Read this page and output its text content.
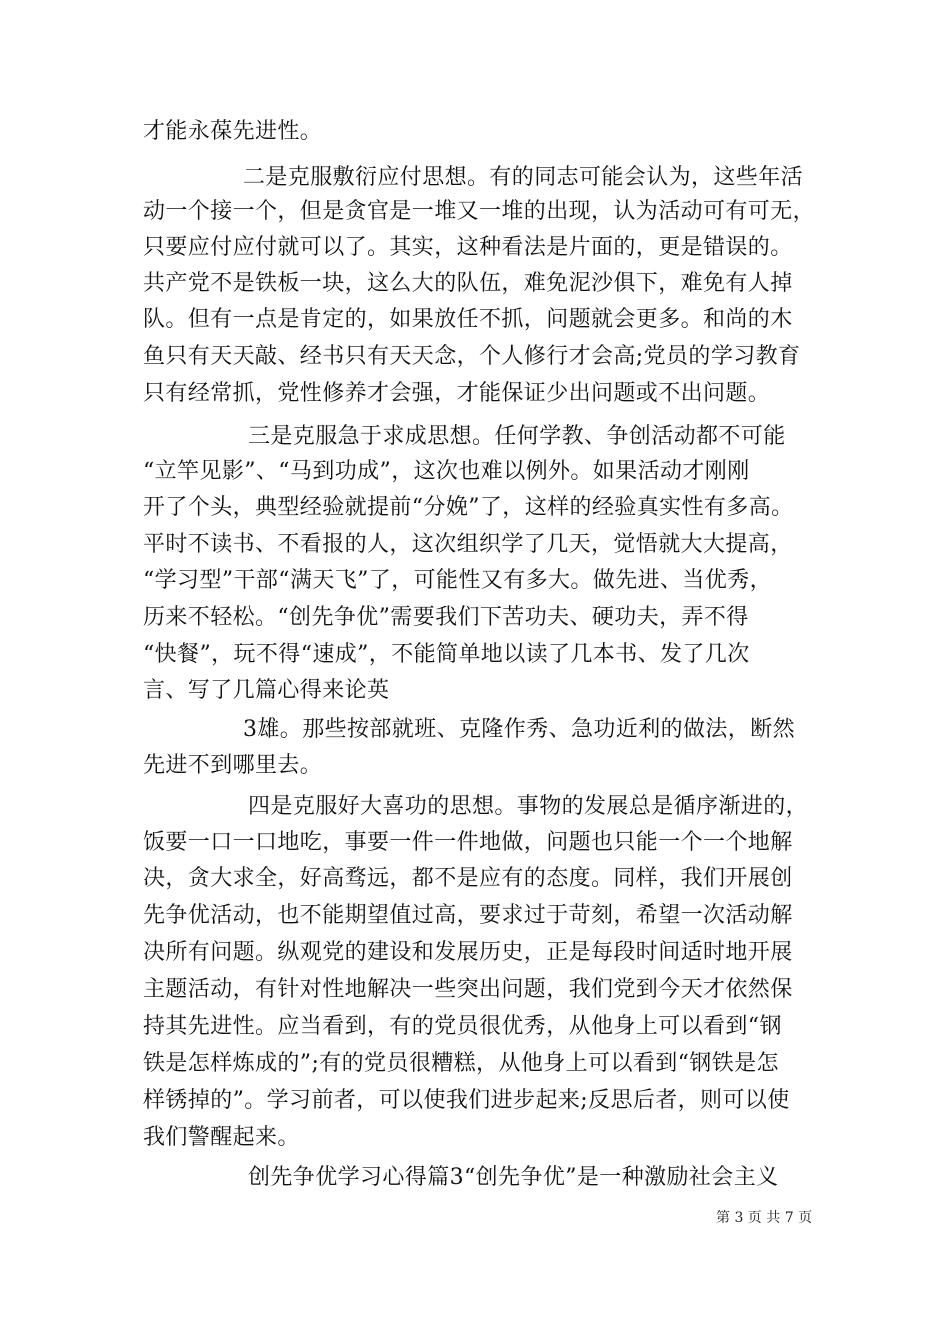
才能永葆先进性。
二是克服敷衍应付思想。有的同志可能会认为，这些年活
动一个接一个，但是贪官是一堆又一堆的出现，认为活动可有可无，
只要应付应付就可以了。其实，这种看法是片面的，更是错误的。
共产党不是铁板一块，这么大的队伍，难免泥沙俱下，难免有人掉
队。但有一点是肯定的，如果放任不抓，问题就会更多。和尚的木
鱼只有天天敲、经书只有天天念，个人修行才会高;党员的学习教育
只有经常抓，党性修养才会强，才能保证少出问题或不出问题。
三是克服急于求成思想。任何学教、争创活动都不可能
“立竿见影”、“马到功成”，这次也难以例外。如果活动才刚刚
开了个头，典型经验就提前“分娩”了，这样的经验真实性有多高。
平时不读书、不看报的人，这次组织学了几天，觉悟就大大提高，
“学习型”干部“满天飞”了，可能性又有多大。做先进、当优秀，
历来不轻松。“创先争优”需要我们下苦功夫、硬功夫，弄不得
“快餐”，玩不得“速成”，不能简单地以读了几本书、发了几次
言、写了几篇心得来论英
3雄。那些按部就班、克隆作秀、急功近利的做法，断然
先进不到哪里去。
四是克服好大喜功的思想。事物的发展总是循序渐进的，
饭要一口一口地吃，事要一件一件地做，问题也只能一个一个地解
决，贪大求全，好高骛远，都不是应有的态度。同样，我们开展创
先争优活动，也不能期望值过高，要求过于苛刻，希望一次活动解
决所有问题。纵观党的建设和发展历史，正是每段时间适时地开展
主题活动，有针对性地解决一些突出问题，我们党到今天才依然保
持其先进性。应当看到，有的党员很优秀，从他身上可以看到“钢
铁是怎样炼成的”;有的党员很糟糕，从他身上可以看到“钢铁是怎
样锈掉的”。学习前者，可以使我们进步起来;反思后者，则可以使
我们警醒起来。
创先争优学习心得篇3“创先争优”是一种激励社会主义
第 3 页 共 7 页
